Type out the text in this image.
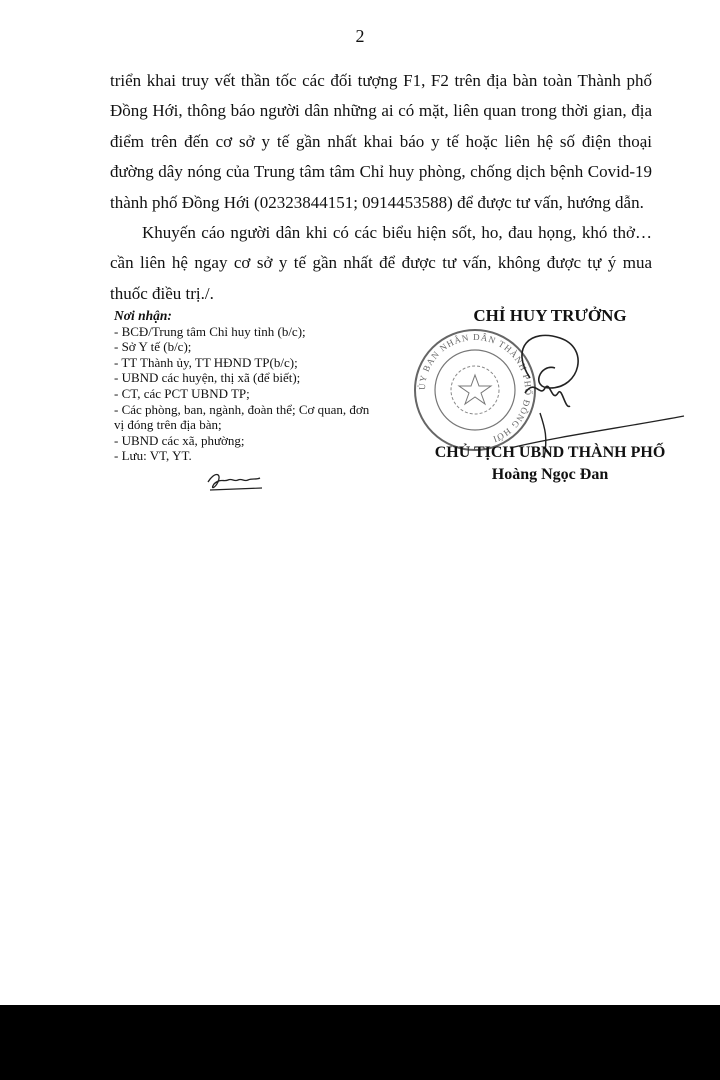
2

triển khai truy vết thần tốc các đối tượng F1, F2 trên địa bàn toàn Thành phố Đồng Hới, thông báo người dân những ai có mặt, liên quan trong thời gian, địa điểm trên đến cơ sở y tế gần nhất khai báo y tế hoặc liên hệ số điện thoại đường dây nóng của Trung tâm tâm Chỉ huy phòng, chống dịch bệnh Covid-19 thành phố Đồng Hới (02323844151; 0914453588) để được tư vấn, hướng dẫn.

Khuyến cáo người dân khi có các biểu hiện sốt, ho, đau họng, khó thở… cần liên hệ ngay cơ sở y tế gần nhất để được tư vấn, không được tự ý mua thuốc điều trị./.

Nơi nhận:
- BCĐ/Trung tâm Chỉ huy tỉnh (b/c);
- Sở Y tế (b/c);
- TT Thành ủy, TT HĐND TP(b/c);
- UBND các huyện, thị xã (để biết);
- CT, các PCT UBND TP;
- Các phòng, ban, ngành, đoàn thể; Cơ quan, đơn vị đóng trên địa bàn;
- UBND các xã, phường;
- Lưu: VT, YT.
CHỈ HUY TRƯỞNG
ỦY BAN NHÂN DÂN THÀNH PHỐ ĐỒNG HỚI
CHỦ TỊCH UBND THÀNH PHỐ
Hoàng Ngọc Đan
